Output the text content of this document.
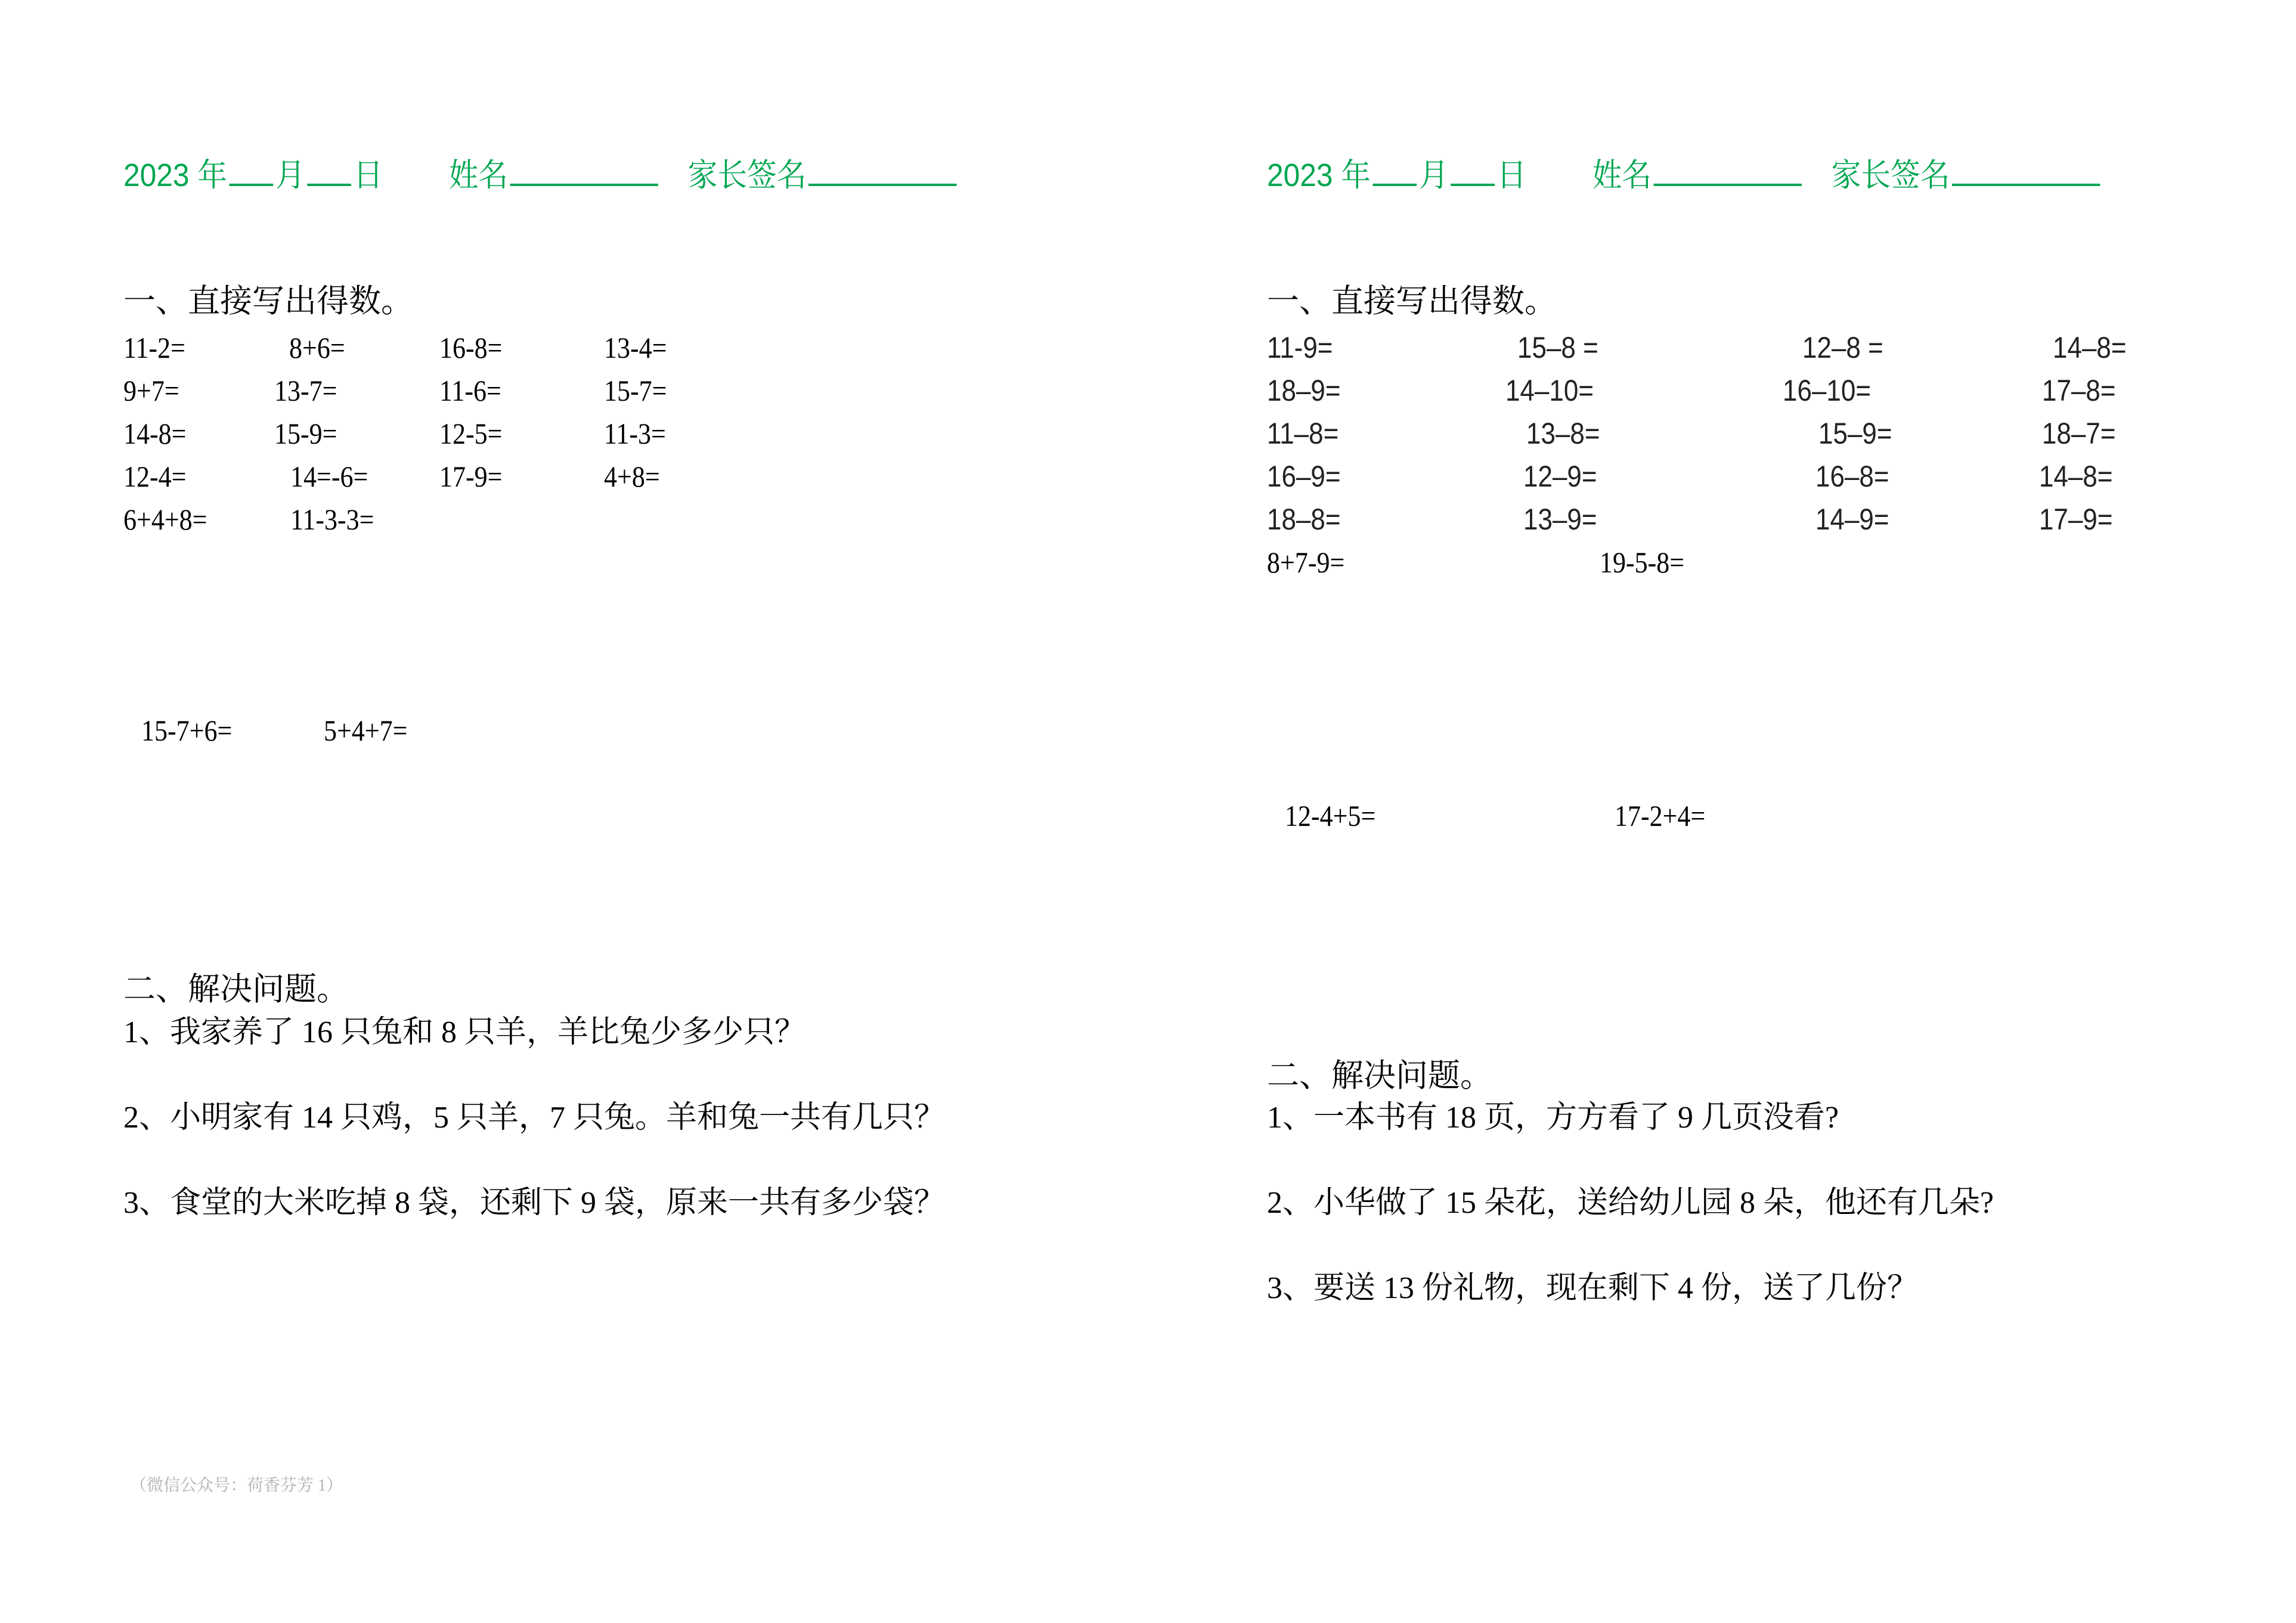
2023 年 月 日 姓名	家长签名
一、直接写出得数。
11-2=	8+6=	16-8=	13-4=
9+7=	13-7=	11-6=	15-7=
14-8=	15-9=	12-5=	11-3=
12-4=	14=-6= 17-9=	4+8=
6+4+8=	11-3-3=
15-7+6=	5+4+7=
二、解决问题。
1、我家养了 16 只兔和 8 只羊，羊比兔少多少只？
2、小明家有 14 只鸡，5 只羊，7 只兔。羊和兔一共有几只？
3、食堂的大米吃掉 8 袋，还剩下 9 袋，原来一共有多少袋？
（微信公众号：荷香芬芳 1）
2023 年 月 日 姓名	家长签名
一、直接写出得数。
11-9=	15–8 =	12–8 =	14–8=
18–9=	14–10=	16–10=	17–8=
11–8=	13–8=	15–9=	18–7=
16–9=	12–9=	16–8=	14–8=
18–8=	13–9=	14–9=	17–9=
8+7-9=	19-5-8=
12-4+5=	17-2+4=
二、解决问题。
1、一本书有 18 页，方方看了 9 几页没看?
2、小华做了 15 朵花，送给幼儿园 8 朵，他还有几朵?
3、要送 13 份礼物，现在剩下 4 份，送了几份？
